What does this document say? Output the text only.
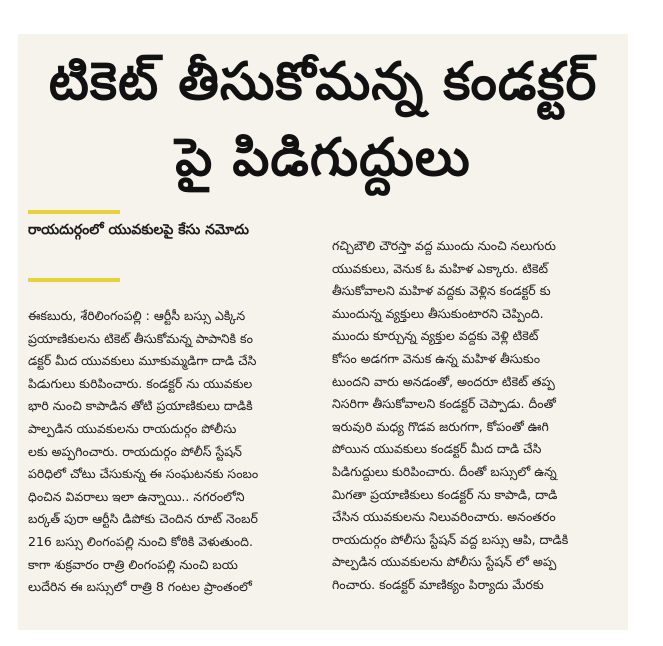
టికెట్ తీసుకోమన్న కండక్టర్
పై పిడిగుద్దులు
రాయదుర్గంలో యువకులపై కేసు నమోదు
ఈకబురు, శేరిలింగంపల్లి : ఆర్టీసీ బస్సు ఎక్కిన
ప్రయాణికులను టికెట్ తీసుకోమన్న పాపానికి కం
డక్టర్ మీద యువకులు మూకుమ్మడిగా దాడి చేసి
పిడుగులు కురిపించారు. కండక్టర్ ను యువకుల
భారి నుంచి కాపాడిన తోటి ప్రయాణికులు దాడికి
పాల్పడిన యువకులను రాయదుర్గం పోలీసు
లకు అప్పగించారు. రాయదుర్గం పోలీస్ స్టేషన్
పరిధిలో చోటు చేసుకున్న ఈ సంఘటనకు సంబం
ధించిన వివరాలు ఇలా ఉన్నాయి.. నగరంలోని
బర్కత్ పురా ఆర్టీసి డిపోకు చెందిన రూట్ నెంబర్
216 బస్సు లింగంపల్లి నుంచి కోఠికి వెళుతుంది.
కాగా శుక్రవారం రాత్రి లింగంపల్లి నుంచి బయ
లుదేరిన ఈ బస్సులో రాత్రి 8 గంటల ప్రాంతంలో
గచ్చిబౌలి చౌరస్తా వద్ద ముందు నుంచి నలుగురు
యువకులు, వెనుక ఓ మహిళ ఎక్కారు. టికెట్
తీసుకోవాలని మహిళ వద్దకు వెళ్లిన కండక్టర్ కు
ముందున్న వ్యక్తులు తీసుకుంటారని చెప్పింది.
ముందు కూర్చున్న వ్యక్తుల వద్దకు వెళ్లి టికెట్
కోసం అడగగా వెనుక ఉన్న మహిళ తీసుకుం
టుందని వారు అనడంతో, అందరూ టికెట్ తప్ప
నిసరిగా తీసుకోవాలని కండక్టర్ చెప్పాడు. దీంతో
ఇరువురి మధ్య గొడవ జరుగగా, కోపంతో ఊగి
పోయిన యువకులు కండక్టర్ మీద దాడి చేసి
పిడిగుద్దులు కురిపించారు. దీంతో బస్సులో ఉన్న
మిగతా ప్రయాణికులు కండక్టర్ ను కాపాడి, దాడి
చేసిన యువకులను నిలువరించారు. అనంతరం
రాయదుర్గం పోలీసు స్టేషన్ వద్ద బస్సు ఆపి, దాడికి
పాల్పడిన యువకులను పోలీసు స్టేషన్ లో అప్ప
గించారు. కండక్టర్ మాణిక్యం పిర్యాదు మేరకు
